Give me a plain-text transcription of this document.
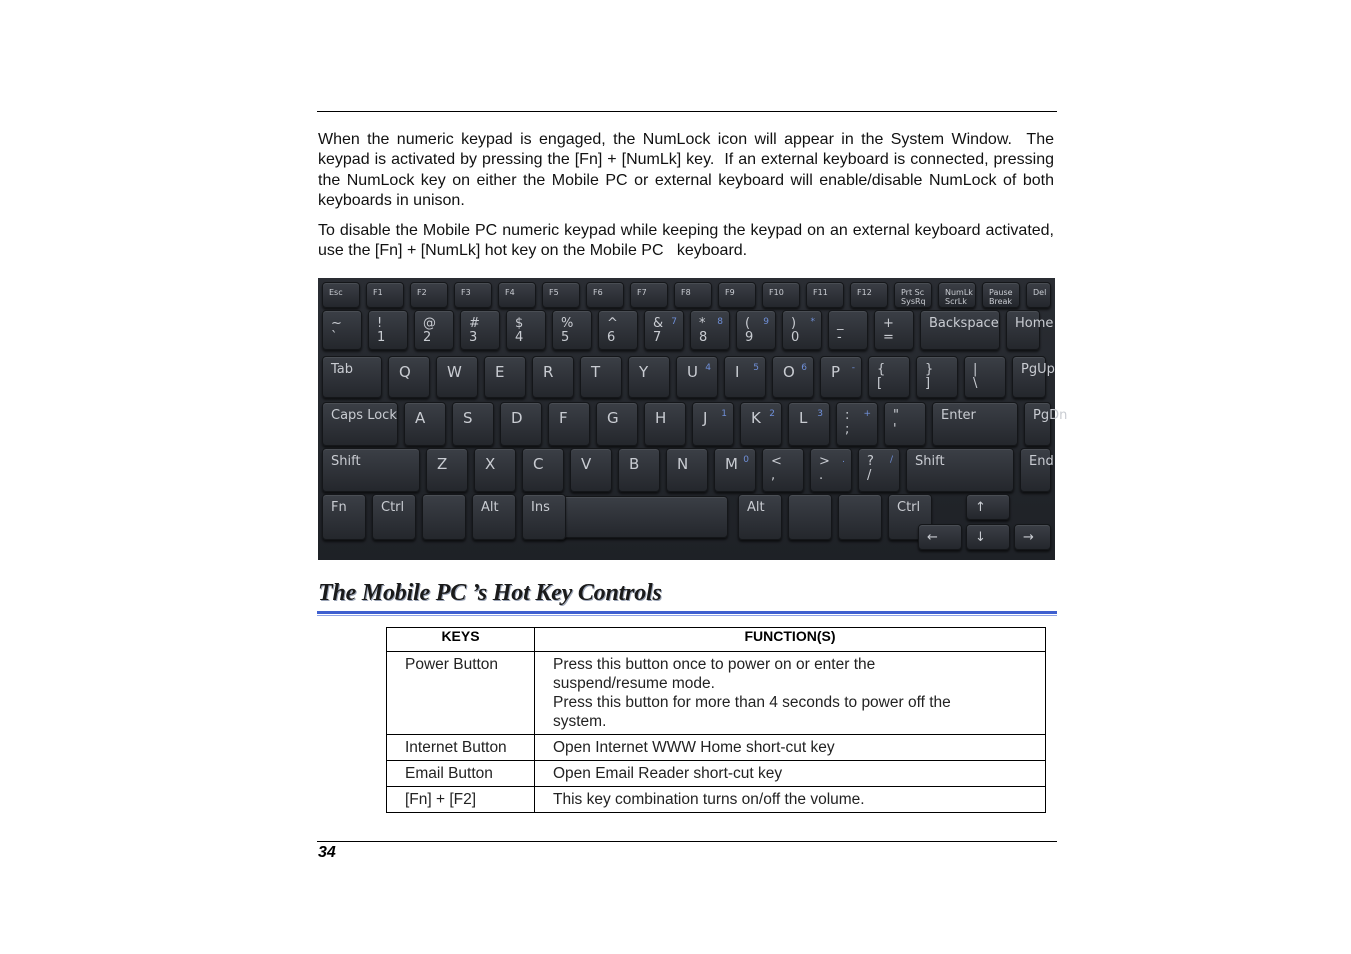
When the numeric keypad is engaged, the NumLock icon will appear in the System Window.  The keypad is activated by pressing the [Fn] + [NumLk] key.  If an external keyboard is connected, pressing the NumLock key on either the Mobile PC or external keyboard will enable/disable NumLock of both keyboards in unison.

To disable the Mobile PC numeric keypad while keeping the keypad on an external keyboard activated, use the [Fn] + [NumLk] hot key on the Mobile PC   keyboard.

Esc	F1	F2	F3	F4	F5	F6	F7	F8	F9	F10	F11	F12	Prt Sc
SysRq
NumLk
ScrLk
Pause
Break
Del
~
`
!
1
@
2
#
3
$
4
%
5
^
6
&
7
7 *
8
8 (
9
9 )
0
* _
-
+
=
Backspace Home
Tab	Q W E	R	T	Y	U 4 I 5 O 6 P - {
[
}
]
|
\
PgUp
Caps Lock A	S	D F	G H J 1 K 2 L 3 :
;
+ "
'
Enter	PgDn
Shift	Z	X	C	V	B	N M 0 <
,
>
.
. ?
/
/ Shift	End
Fn	Ctrl	Alt Ins	Alt	Ctrl	↑
←	↓	→
The Mobile PC ’s Hot Key Controls
KEYS	FUNCTION(S)
Power Button	Press this button once to power on or enter the
suspend/resume mode.
Press this button for more than 4 seconds to power off the
system.

Internet Button	Open Internet WWW Home short-cut key

Email Button	Open Email Reader short-cut key

[Fn] + [F2]	This key combination turns on/off the volume.

34
